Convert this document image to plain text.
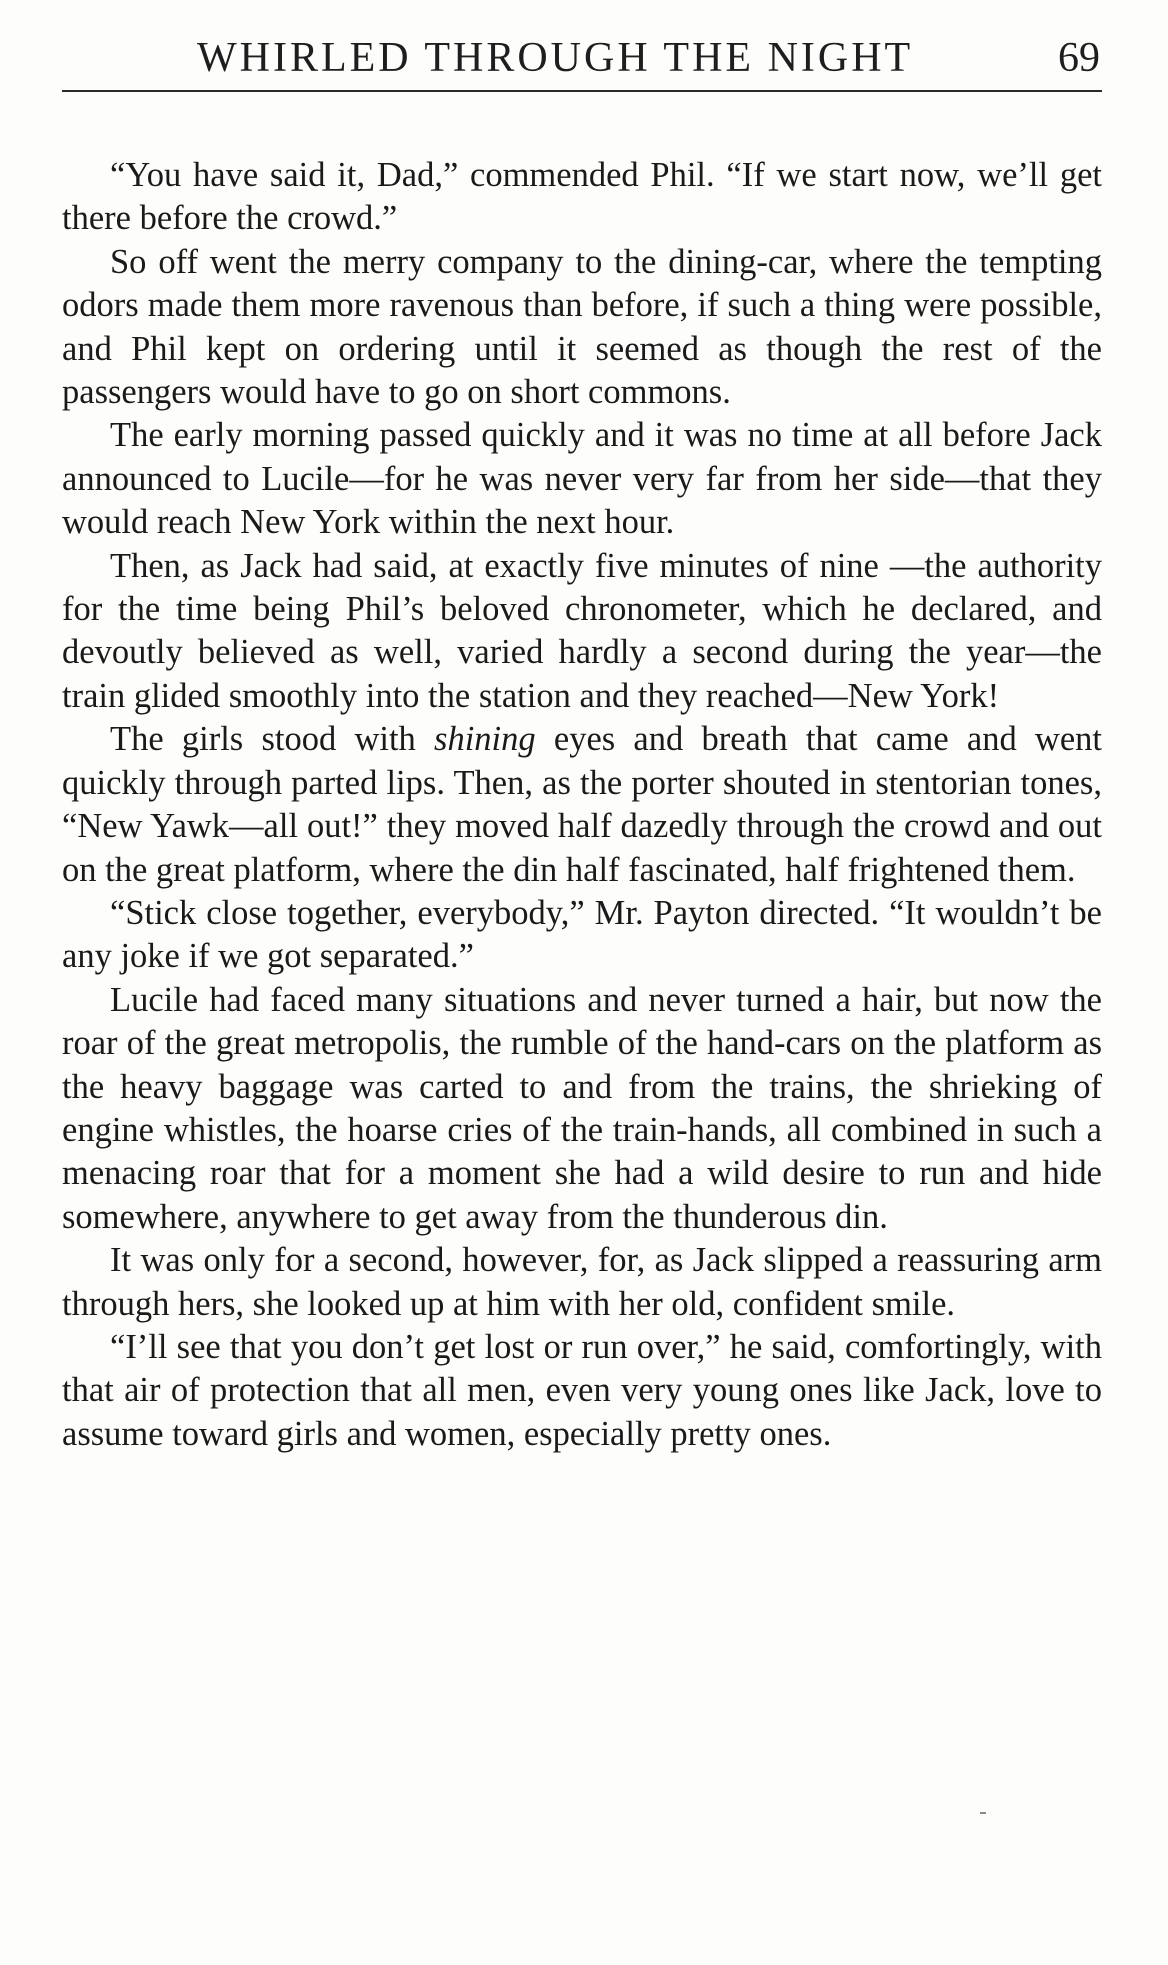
WHIRLED THROUGH THE NIGHT	69

“You have said it, Dad,” commended Phil. “If we start now, we’ll get there before the crowd.”

So off went the merry company to the dining-car, where the tempting odors made them more ravenous than before, if such a thing were possible, and Phil kept on ordering until it seemed as though the rest of the passengers would have to go on short commons.

The early morning passed quickly and it was no time at all before Jack announced to Lucile—for he was never very far from her side—that they would reach New York within the next hour.

Then, as Jack had said, at exactly five minutes of nine —the authority for the time being Phil’s beloved chronometer, which he declared, and devoutly believed as well, varied hardly a second during the year—the train glided smoothly into the station and they reached—New York!

The girls stood with shining eyes and breath that came and went quickly through parted lips. Then, as the porter shouted in stentorian tones, “New Yawk—all out!” they moved half dazedly through the crowd and out on the great platform, where the din half fascinated, half frightened them.

“Stick close together, everybody,” Mr. Payton directed. “It wouldn’t be any joke if we got separated.”

Lucile had faced many situations and never turned a hair, but now the roar of the great metropolis, the rumble of the hand-cars on the platform as the heavy baggage was carted to and from the trains, the shrieking of engine whistles, the hoarse cries of the train-hands, all combined in such a menacing roar that for a moment she had a wild desire to run and hide somewhere, anywhere to get away from the thunderous din.

It was only for a second, however, for, as Jack slipped a reassuring arm through hers, she looked up at him with her old, confident smile.

“I’ll see that you don’t get lost or run over,” he said, comfortingly, with that air of protection that all men, even very young ones like Jack, love to assume toward girls and women, especially pretty ones.
